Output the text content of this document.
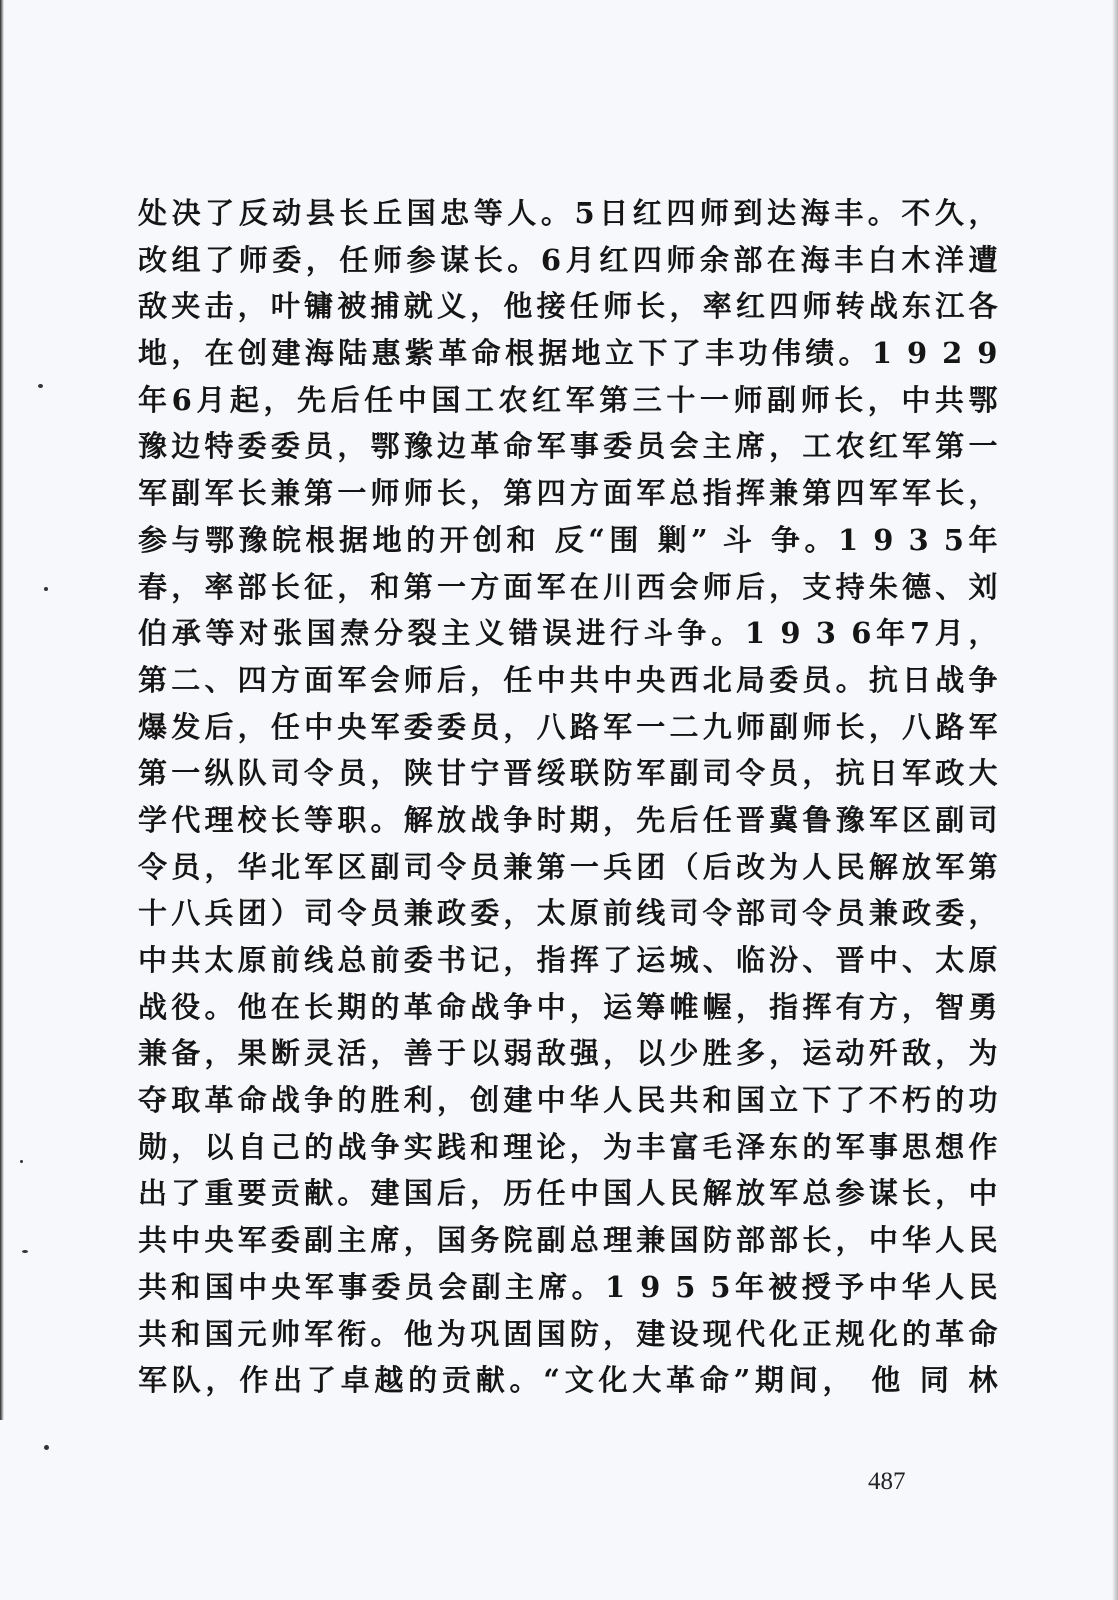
处决了反动县长丘国忠等人。5日红四师到达海丰。不久，
改组了师委，任师参谋长。6月红四师余部在海丰白木洋遭
敌夹击，叶镛被捕就义，他接任师长，率红四师转战东江各
地，在创建海陆惠紫革命根据地立下了丰功伟绩。1 9 2 9
年6月起，先后任中国工农红军第三十一师副师长，中共鄂
豫边特委委员，鄂豫边革命军事委员会主席，工农红军第一
军副军长兼第一师师长，第四方面军总指挥兼第四军军长，
参与鄂豫皖根据地的开创和 反“围 剿” 斗 争。1 9 3 5年
春，率部长征，和第一方面军在川西会师后，支持朱德、刘
伯承等对张国焘分裂主义错误进行斗争。1 9 3 6年7月，
第二、四方面军会师后，任中共中央西北局委员。抗日战争
爆发后，任中央军委委员，八路军一二九师副师长，八路军
第一纵队司令员，陕甘宁晋绥联防军副司令员，抗日军政大
学代理校长等职。解放战争时期，先后任晋冀鲁豫军区副司
令员，华北军区副司令员兼第一兵团（后改为人民解放军第
十八兵团）司令员兼政委，太原前线司令部司令员兼政委，
中共太原前线总前委书记，指挥了运城、临汾、晋中、太原
战役。他在长期的革命战争中，运筹帷幄，指挥有方，智勇
兼备，果断灵活，善于以弱敌强，以少胜多，运动歼敌，为
夺取革命战争的胜利，创建中华人民共和国立下了不朽的功
勋，以自己的战争实践和理论，为丰富毛泽东的军事思想作
出了重要贡献。建国后，历任中国人民解放军总参谋长，中
共中央军委副主席，国务院副总理兼国防部部长，中华人民
共和国中央军事委员会副主席。1 9 5 5年被授予中华人民
共和国元帅军衔。他为巩固国防，建设现代化正规化的革命
军队，作出了卓越的贡献。“文化大革命”期间， 他 同 林
487
